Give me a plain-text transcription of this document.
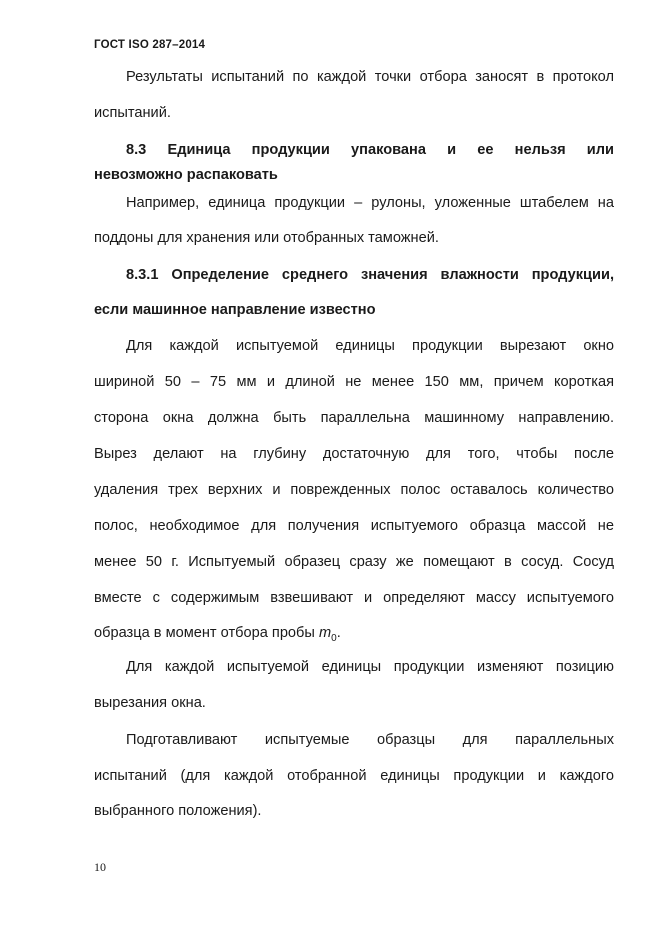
ГОСТ ISO 287–2014
Результаты испытаний по каждой точки отбора заносят в протокол
испытаний.
8.3 Единица продукции упакована и ее нельзя или
невозможно распаковать
Например, единица продукции – рулоны, уложенные штабелем на
поддоны для хранения или отобранных таможней.
8.3.1 Определение среднего значения влажности продукции,
если машинное направление известно
Для каждой испытуемой единицы продукции вырезают окно
шириной 50 – 75 мм и длиной не менее 150 мм, причем короткая
сторона окна должна быть параллельна машинному направлению.
Вырез делают на глубину достаточную для того, чтобы после
удаления трех верхних и поврежденных полос оставалось количество
полос, необходимое для получения испытуемого образца массой не
менее 50 г. Испытуемый образец сразу же помещают в сосуд. Сосуд
вместе с содержимым взвешивают и определяют массу испытуемого
образца в момент отбора пробы $m_0$.
Для каждой испытуемой единицы продукции изменяют позицию
вырезания окна.
Подготавливают испытуемые образцы для параллельных
испытаний (для каждой отобранной единицы продукции и каждого
выбранного положения).
10
